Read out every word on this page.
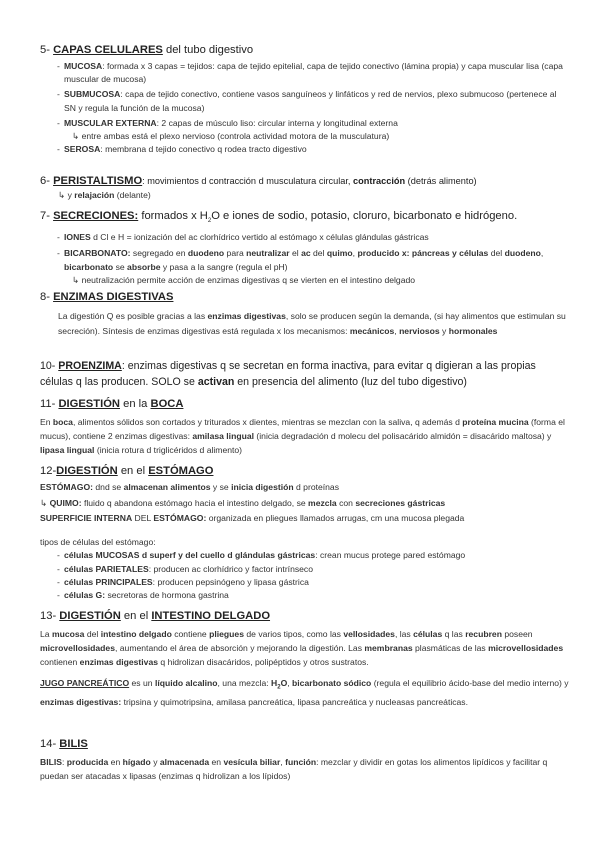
5- CAPAS CELULARES del tubo digestivo

- MUCOSA: formada x 3 capas = tejidos: capa de tejido epitelial, capa de tejido conectivo (lámina propia) y capa muscular lisa (capa muscular de mucosa)
- SUBMUCOSA: capa de tejido conectivo, contiene vasos sanguíneos y linfáticos y red de nervios, plexo submucoso (pertenece al SN y regula la función de la mucosa)
- MUSCULAR EXTERNA: 2 capas de músculo liso: circular interna y longitudinal externa
↳ entre ambas está el plexo nervioso (controla actividad motora de la musculatura)
- SEROSA: membrana d tejido conectivo q rodea tracto digestivo

6- PERISTALTISMO: movimientos d contracción d musculatura circular, contracción (detrás alimento)

↳ y relajación (delante)

7- SECRECIONES: formados x $H_2O$ e iones de sodio, potasio, cloruro, bicarbonato e hidrógeno.

- IONES d Cl e H = ionización del ac clorhídrico vertido al estómago x células glándulas gástricas
- BICARBONATO: segregado en duodeno para neutralizar el ac del quimo, producido x: páncreas y células del duodeno, bicarbonato se absorbe y pasa a la sangre (regula el pH)
↳ neutralización permite acción de enzimas digestivas q se vierten en el intestino delgado

8- ENZIMAS DIGESTIVAS

La digestión Q es posible gracias a las enzimas digestivas, solo se producen según la demanda, (si hay alimentos que estimulan su secreción). Síntesis de enzimas digestivas está regulada x los mecanismos: mecánicos, nerviosos y hormonales
10- PROENZIMA: enzimas digestivas q se secretan en forma inactiva, para evitar q digieran a las propias células q las producen. SOLO se activan en presencia del alimento (luz del tubo digestivo)

11- DIGESTIÓN en la BOCA

En boca, alimentos sólidos son cortados y triturados x dientes, mientras se mezclan con la saliva, q además d proteína mucina (forma el mucus), contiene 2 enzimas digestivas: amilasa lingual (inicia degradación d molecu del polisacárido almidón = disacárido maltosa) y lipasa lingual (inicia rotura d triglicéridos d alimento)

12-DIGESTIÓN en el ESTÓMAGO

ESTÓMAGO: dnd se almacenan alimentos y se inicia digestión d proteínas
↳ QUIMO: fluido q abandona estómago hacia el intestino delgado, se mezcla con secreciones gástricas
SUPERFICIE INTERNA DEL ESTÓMAGO: organizada en pliegues llamados arrugas, cm una mucosa plegada
tipos de células del estómago:
- células MUCOSAS d superf y del cuello d glándulas gástricas: crean mucus protege pared estómago
- células PARIETALES: producen ac clorhídrico y factor intrínseco
- células PRINCIPALES: producen pepsinógeno y lipasa gástrica
- células G: secretoras de hormona gastrina

13- DIGESTIÓN en el INTESTINO DELGADO

La mucosa del intestino delgado contiene pliegues de varios tipos, como las vellosidades, las células q las recubren poseen microvellosidades, aumentando el área de absorción y mejorando la digestión. Las membranas plasmáticas de las microvellosidades contienen enzimas digestivas q hidrolizan disacáridos, polipéptidos y otros sustratos.
JUGO PANCREÁTICO es un líquido alcalino, una mezcla: $H_2O$, bicarbonato sódico (regula el equilibrio ácido-base del medio interno) y enzimas digestivas: tripsina y quimotripsina, amilasa pancreática, lipasa pancreática y nucleasas pancreáticas.

14- BILIS

BILIS: producida en hígado y almacenada en vesícula biliar, función: mezclar y dividir en gotas los alimentos lipídicos y facilitar q puedan ser atacadas x lipasas (enzimas q hidrolizan a los lípidos)
